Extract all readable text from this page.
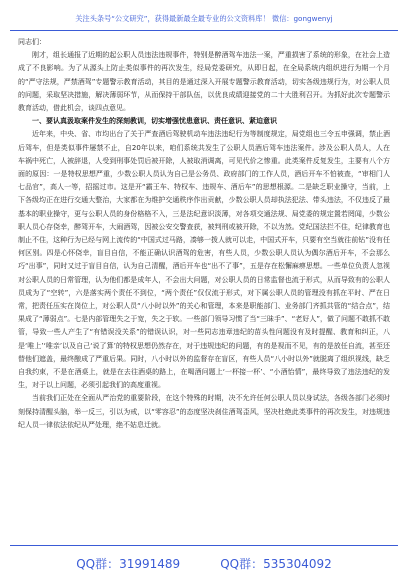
关注头条号“公文研究”，获得最新最全最专业的公文资料库！ 微信：gongwenyj

同志们：

刚才，组长通报了近期的起公职人员违法违规事件，特别是醉酒驾车违法一案，严重损害了系统的形象，在社会上造成了不良影响。为了从源头上防止类似事件的再次发生，经局党委研究，从即日起，在全局系统内组织进行为期一个月的“严守法规，严禁酒驾”专题警示教育活动，其目的是通过深入开展专题警示教育活动，切实各级违规行为，对公职人员的问题，采取坚决措施，解决薄弱环节，从而保持干部队伍，以优良成绩迎接党的二十大胜利召开。为抓好此次专题警示教育活动，借此机会，谈四点意见。

一、要认真汲取案件发生的深刻教训，切实增强忧患意识、责任意识、紧迫意识

近年来，中央、省、市均出台了关于严查酒后驾驶机动车违法违纪行为等制度规定，局党组也三令五申强调，禁止酒后驾车，但是类似事件屡禁不止，自20年以来，咱们系统共发生了公职人员酒后驾车违法案件。涉及公职人员人，人在车祸中死亡，人被辞退，人受到刑事处罚后被开除，人被取消调离，可见代价之惨重。此类案件反复发生，主要有八个方面的原因：一是特权思想严重，少数公职人员认为自己是公务员、政府部门的工作人员，酒后开车不怕被查，“审相门人七品官”，高人一等，招摇过市。这是开“霸王车、特权车、违规车、酒后车”的思想根源。二是缺乏职业操守，当前，上下各级均正在进行交通大整治，大家都在为维护交通秩序作出贡献，少数公职人员却执法犯法、带头违法，不仅违反了最基本的职业操守，更与公职人员的身份格格不入，三是法纪意识淡薄，对各项交通法规、局党委的规定置若罔闻，少数公职人员心存侥幸，醉驾开车，大闹酒驾，因被公安交警查获，被判刑或被开除，不以为然。党纪国法拦不住，纪律教育也制止不住，这种行为已经与网上流传的“中国式过马路，凑够一拨人就可以走，中国式开车，只要有空当就往前钻”没有任何区别。四是心怀侥幸，盲目自信，不能正确认识酒驾的危害，有些人员，少数公职人员认为偶尔酒后开车，不会那么巧“出事”，同时又过于盲目自信，认为自己清醒，酒后开车也“出不了事”，五是存在松懈麻痹思想。一些单位负责人忽视对公职人员的日常管理，认为他们都是成年人，不会出大问题，对公职人员的日常监督也流于形式，从而导致有的公职人员成为了“空转”，六是落实两个责任不到位，“两个责任”仅仅流于形式，对下属公职人员的管理没有抓在平时、严在日常，把责任压实在岗位上，对公职人员“八小时以外”的关心和管理，本来是职能部门、业务部门齐抓共管的“结合点”，结果成了“薄弱点”。七是内部管理失之于宽，失之于软。一些部门领导习惯了当“三昧手”、“老好人”，做了问题不敢抓不敢管，导致一些人产生了“有错误没关系”的错误认识，对一些同志违章违纪的苗头性问题没有及时提醒、教育和纠正，八是‘唯上’‘唯亲’以及自己‘说了算’的特权思想仍然存在，对于违规违纪的问题，有的是视而不见，有的是放任自流，甚至还替他们遮盖，最终酿成了严重后果。同时，八小时以外的监督存在盲区，有些人员“八小时以外”就脱离了组织视线，缺乏自我约束，不是在酒桌上，就是在去往酒桌的路上，在喝酒问题上‘一杯接一杯’、“小酒怡情”，最终导致了违法违纪的发生，对于以上问题，必须引起我们的高度重视。

当前我们正处在全面从严治党的重要阶段，在这个特殊的时期，决不允许任何公职人员以身试法，各级各部门必须时刻保持清醒头脑，举一反三，引以为戒，以“零容忍”的态度坚决刹住酒驾歪风，坚决杜绝此类事件的再次发生，对违规违纪人员一律依法依纪从严处理，绝不姑息迁就。

QQ群：31991489	QQ群：535304092
